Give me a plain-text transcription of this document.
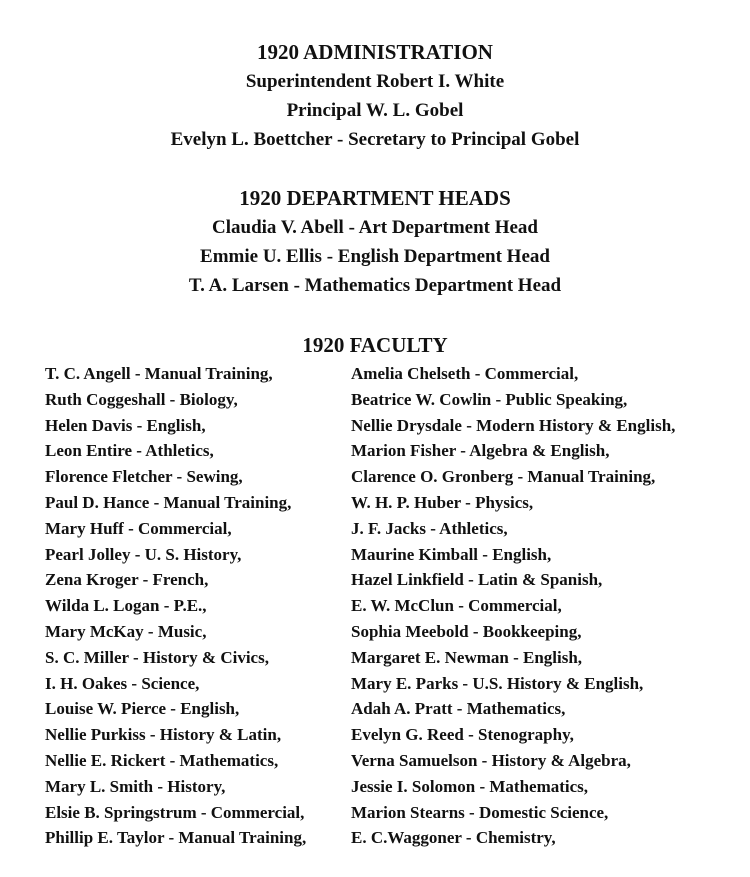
1920 ADMINISTRATION
Superintendent Robert I. White
Principal W. L. Gobel
Evelyn L. Boettcher - Secretary to Principal Gobel
1920 DEPARTMENT HEADS
Claudia V. Abell - Art Department Head
Emmie U. Ellis - English Department Head
T. A. Larsen - Mathematics Department Head
1920 FACULTY
T. C. Angell - Manual Training,
Ruth Coggeshall - Biology,
Helen Davis - English,
Leon Entire - Athletics,
Florence Fletcher - Sewing,
Paul D. Hance - Manual Training,
Mary Huff - Commercial,
Pearl Jolley - U. S. History,
Zena Kroger - French,
Wilda L. Logan - P.E.,
Mary McKay - Music,
S. C. Miller - History & Civics,
I. H. Oakes - Science,
Louise W. Pierce - English,
Nellie Purkiss - History & Latin,
Nellie E. Rickert - Mathematics,
Mary L. Smith - History,
Elsie B. Springstrum - Commercial,
Phillip E. Taylor - Manual Training,
Amelia Chelseth - Commercial,
Beatrice W. Cowlin - Public Speaking,
Nellie Drysdale - Modern History & English,
Marion Fisher - Algebra & English,
Clarence O. Gronberg - Manual Training,
W. H. P. Huber - Physics,
J. F. Jacks - Athletics,
Maurine Kimball - English,
Hazel Linkfield - Latin & Spanish,
E. W. McClun - Commercial,
Sophia Meebold - Bookkeeping,
Margaret E. Newman - English,
Mary E. Parks - U.S. History & English,
Adah A. Pratt - Mathematics,
Evelyn G. Reed - Stenography,
Verna Samuelson - History & Algebra,
Jessie I. Solomon - Mathematics,
Marion Stearns - Domestic Science,
E. C.Waggoner - Chemistry,
